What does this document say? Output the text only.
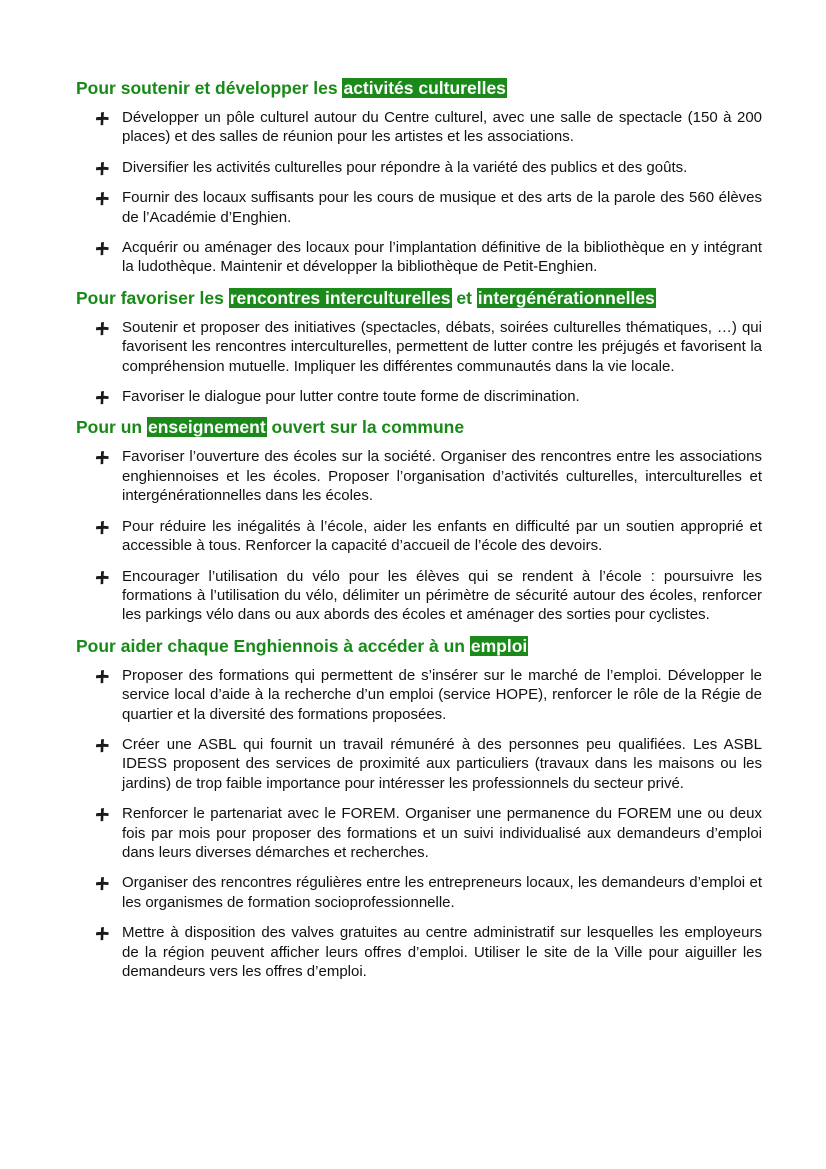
Pour soutenir et développer les activités culturelles
Développer un pôle culturel autour du Centre culturel, avec une salle de spectacle (150 à 200 places) et des salles de réunion pour les artistes et les associations.
Diversifier les activités culturelles pour répondre à la variété des publics et des goûts.
Fournir des locaux suffisants pour les cours de musique et des arts de la parole des 560 élèves de l’Académie d’Enghien.
Acquérir ou aménager des locaux pour l’implantation définitive de la bibliothèque en y intégrant la ludothèque. Maintenir et développer la bibliothèque de Petit-Enghien.
Pour favoriser les rencontres interculturelles et intergénérationnelles
Soutenir et proposer des initiatives (spectacles, débats, soirées culturelles thématiques, …) qui favorisent les rencontres interculturelles, permettent de lutter contre les préjugés et favorisent la compréhension mutuelle. Impliquer les différentes communautés dans la vie locale.
Favoriser le dialogue pour lutter contre toute forme de discrimination.
Pour un enseignement ouvert sur la commune
Favoriser l’ouverture des écoles sur la société. Organiser des rencontres entre les associations enghiennoises et les écoles. Proposer l’organisation d’activités culturelles, interculturelles et intergénérationnelles dans les écoles.
Pour réduire les inégalités à l’école, aider les enfants en difficulté par un soutien approprié et accessible à tous. Renforcer la capacité d’accueil de l’école des devoirs.
Encourager l’utilisation du vélo pour les élèves qui se rendent à l’école : poursuivre les formations à l’utilisation du vélo, délimiter un périmètre de sécurité autour des écoles, renforcer les parkings vélo dans ou aux abords des écoles et aménager des sorties pour cyclistes.
Pour aider chaque Enghiennois à accéder à un emploi
Proposer des formations qui permettent de s’insérer sur le marché de l’emploi. Développer le service local d’aide à la recherche d’un emploi (service HOPE), renforcer le rôle de la Régie de quartier et la diversité des formations proposées.
Créer une ASBL qui fournit un travail rémunéré à des personnes peu qualifiées. Les ASBL IDESS proposent des services de proximité aux particuliers (travaux dans les maisons ou les jardins) de trop faible importance pour intéresser les professionnels du secteur privé.
Renforcer le partenariat avec le FOREM. Organiser une permanence du FOREM une ou deux fois par mois pour proposer des formations et un suivi individualisé aux demandeurs d’emploi dans leurs diverses démarches et recherches.
Organiser des rencontres régulières entre les entrepreneurs locaux, les demandeurs d’emploi et les organismes de formation socioprofessionnelle.
Mettre à disposition des valves gratuites au centre administratif sur lesquelles les employeurs de la région peuvent afficher leurs offres d’emploi. Utiliser le site de la Ville pour aiguiller les demandeurs vers les offres d’emploi.
